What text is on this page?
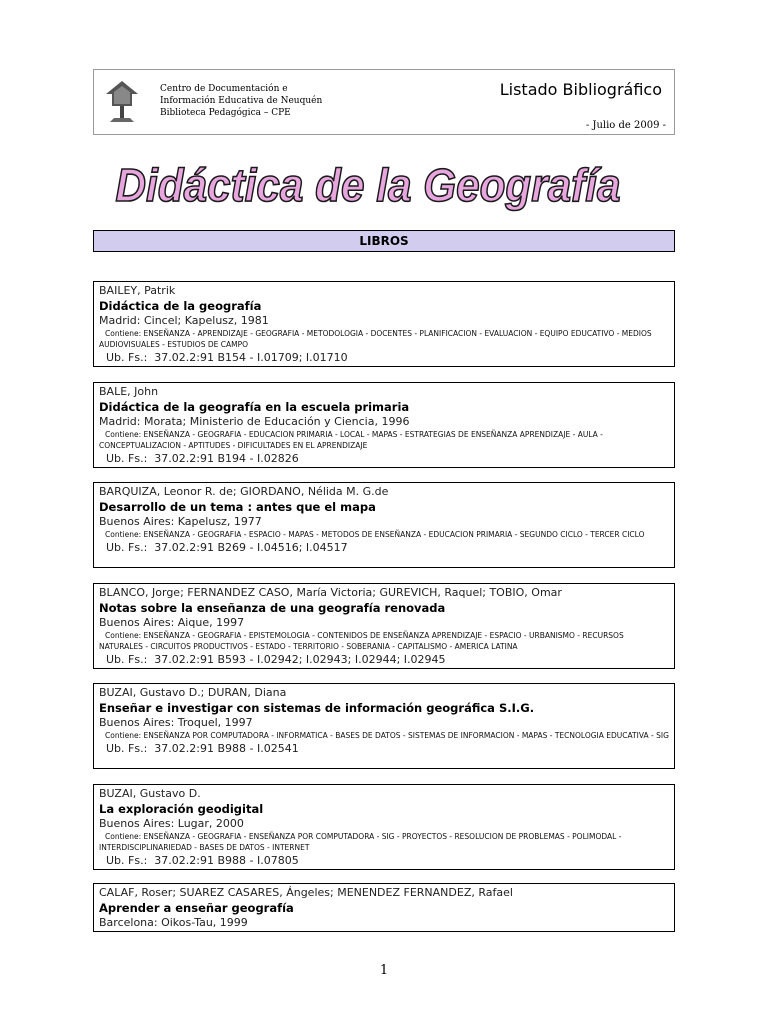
Centro de Documentación e
Información Educativa de Neuquén
Biblioteca Pedagógica – CPE
Listado Bibliográfico
- Julio de 2009 -
Didáctica de la Geografía
LIBROS
BAILEY, Patrik
Didáctica de la geografía
Madrid: Cincel; Kapelusz, 1981
Contiene: ENSEÑANZA - APRENDIZAJE - GEOGRAFIA - METODOLOGIA - DOCENTES - PLANIFICACION - EVALUACION - EQUIPO EDUCATIVO - MEDIOS AUDIOVISUALES - ESTUDIOS DE CAMPO
Ub. Fs.: 37.02.2:91 B154 - I.01709; I.01710
BALE, John
Didáctica de la geografía en la escuela primaria
Madrid: Morata; Ministerio de Educación y Ciencia, 1996
Contiene: ENSEÑANZA - GEOGRAFIA - EDUCACION PRIMARIA - LOCAL - MAPAS - ESTRATEGIAS DE ENSEÑANZA APRENDIZAJE - AULA - CONCEPTUALIZACION - APTITUDES - DIFICULTADES EN EL APRENDIZAJE
Ub. Fs.: 37.02.2:91 B194 - I.02826
BARQUIZA, Leonor R. de; GIORDANO, Nélida M. G.de
Desarrollo de un tema : antes que el mapa
Buenos Aires: Kapelusz, 1977
Contiene: ENSEÑANZA - GEOGRAFIA - ESPACIO - MAPAS - METODOS DE ENSEÑANZA - EDUCACION PRIMARIA - SEGUNDO CICLO - TERCER CICLO
Ub. Fs.: 37.02.2:91 B269 - I.04516; I.04517
BLANCO, Jorge; FERNANDEZ CASO, María Victoria; GUREVICH, Raquel; TOBIO, Omar
Notas sobre la enseñanza de una geografía renovada
Buenos Aires: Aique, 1997
Contiene: ENSEÑANZA - GEOGRAFIA - EPISTEMOLOGIA - CONTENIDOS DE ENSEÑANZA APRENDIZAJE - ESPACIO - URBANISMO - RECURSOS NATURALES - CIRCUITOS PRODUCTIVOS - ESTADO - TERRITORIO - SOBERANIA - CAPITALISMO - AMERICA LATINA
Ub. Fs.: 37.02.2:91 B593 - I.02942; I.02943; I.02944; I.02945
BUZAI, Gustavo D.; DURAN, Diana
Enseñar e investigar con sistemas de información geográfica S.I.G.
Buenos Aires: Troquel, 1997
Contiene: ENSEÑANZA POR COMPUTADORA - INFORMATICA - BASES DE DATOS - SISTEMAS DE INFORMACION - MAPAS - TECNOLOGIA EDUCATIVA - SIG
Ub. Fs.: 37.02.2:91 B988 - I.02541
BUZAI, Gustavo D.
La exploración geodigital
Buenos Aires: Lugar, 2000
Contiene: ENSEÑANZA - GEOGRAFIA - ENSEÑANZA POR COMPUTADORA - SIG - PROYECTOS - RESOLUCION DE PROBLEMAS - POLIMODAL - INTERDISCIPLINARIEDAD - BASES DE DATOS - INTERNET
Ub. Fs.: 37.02.2:91 B988 - I.07805
CALAF, Roser; SUAREZ CASARES, Ángeles; MENENDEZ FERNANDEZ, Rafael
Aprender a enseñar geografía
Barcelona: Oikos-Tau, 1999
1
